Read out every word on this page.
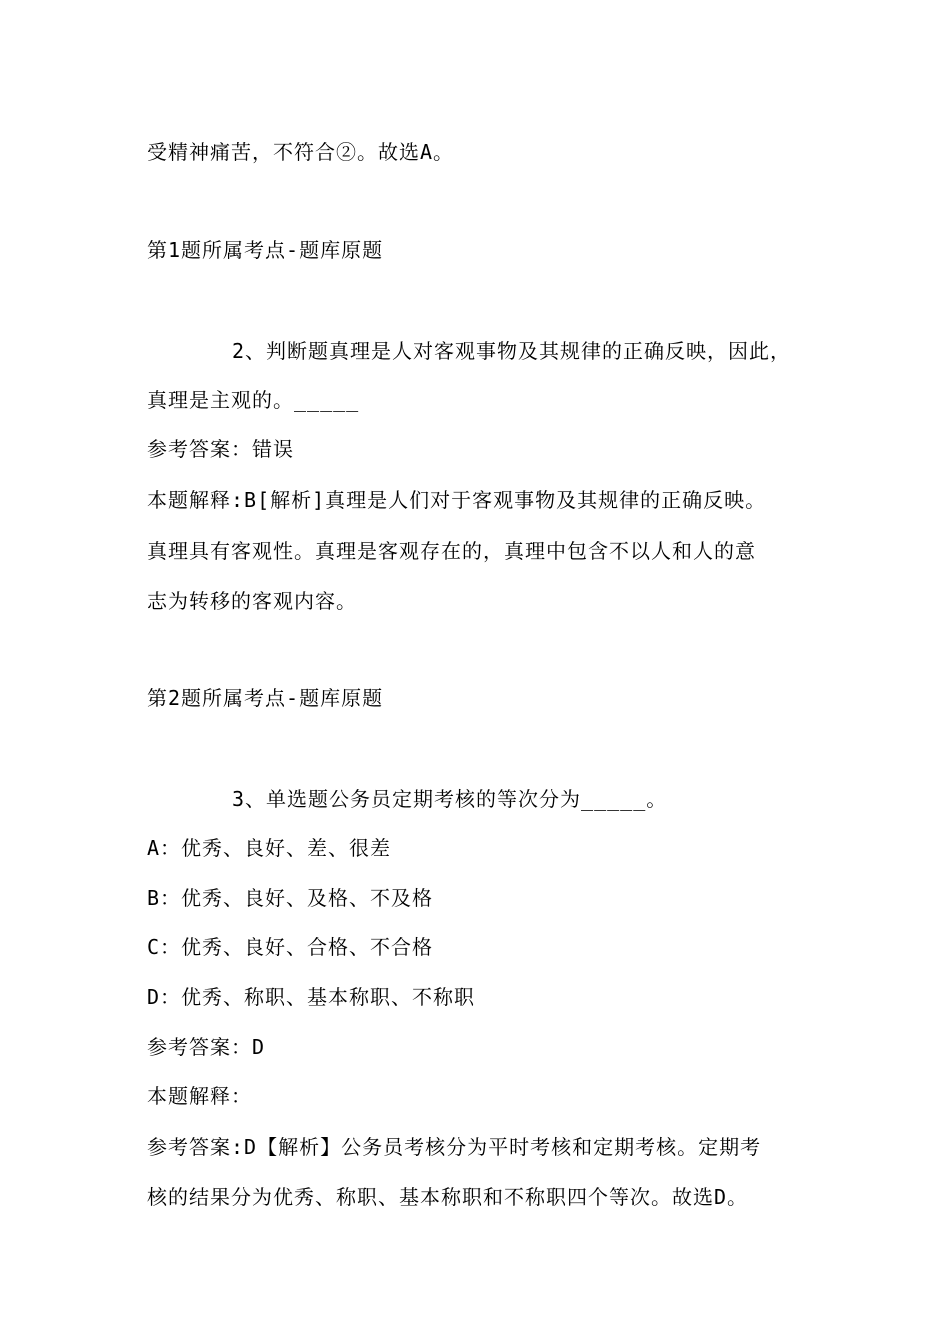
受精神痛苦，不符合②。故选A。
第1题所属考点-题库原题
2、判断题真理是人对客观事物及其规律的正确反映，因此，
真理是主观的。_____
参考答案：错误
本题解释:B[解析]真理是人们对于客观事物及其规律的正确反映。
真理具有客观性。真理是客观存在的，真理中包含不以人和人的意
志为转移的客观内容。
第2题所属考点-题库原题
3、单选题公务员定期考核的等次分为_____。
A：优秀、良好、差、很差
B：优秀、良好、及格、不及格
C：优秀、良好、合格、不合格
D：优秀、称职、基本称职、不称职
参考答案：D
本题解释：
参考答案:D【解析】公务员考核分为平时考核和定期考核。定期考
核的结果分为优秀、称职、基本称职和不称职四个等次。故选D。
